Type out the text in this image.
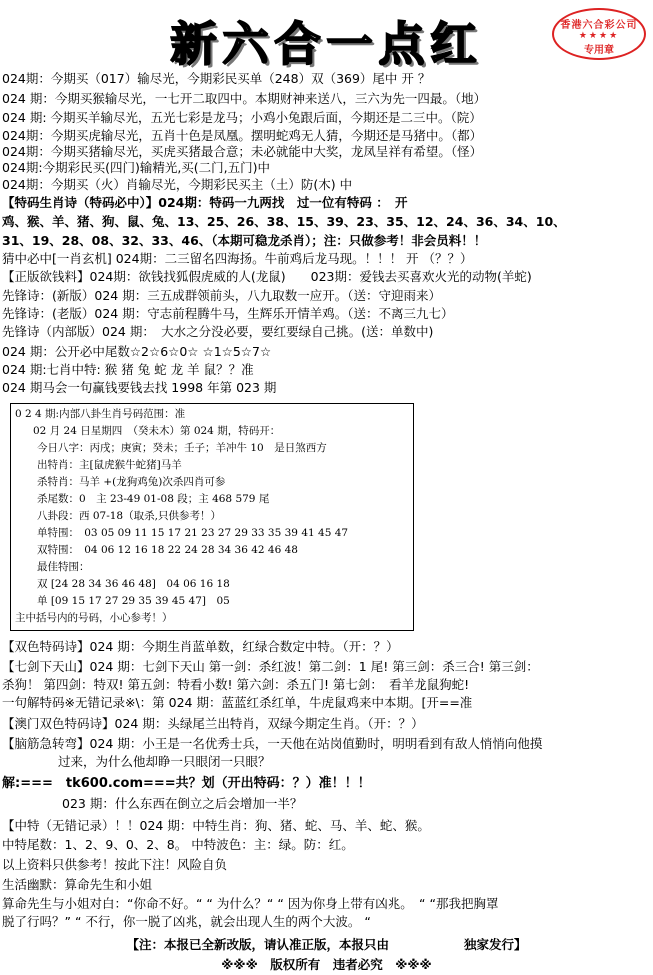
新六合一点红	香港六合彩公司
★★★★
专用章
024期：今期买（017）输尽光，今期彩民买单（248）双（369）尾中 开 ？
024 期：今期买猴输尽光，一七开二取四中。本期财神来送八，三六为先一四最。（地）
024 期: 今期买羊输尽光，五光七彩是龙马；小鸡小兔跟后面，今期还是二三中。（院）
024期：今期买虎输尽光，五肖十色是凤凰。摆明蛇鸡无人猜，今期还是马猪中。（都）
024期：今期买猪输尽光，买虎买猪最合意；未必就能中大奖，龙凤呈祥有希望。（怪）
024期:今期彩民买(四门)输精光,买(二门,五门)中
024期：今期买（火）肖输尽光，今期彩民买主（土）防(木) 中
【特码生肖诗（特码必中）】024期：特码一九两找　过一位有特码 ：　开
鸡、猴、羊、猪、狗、鼠、兔、13、25、26、38、15、39、23、35、12、24、36、34、10、
31、19、28、08、32、33、46、（本期可稳龙杀肖）；注：只做参考！非会员料！！
猜中必中[一肖玄机] 024期：二三留名四海扬。牛前鸡后龙马现。！！！ 开 （？？）
【正版欲钱料】024期：欲钱找狐假虎威的人(龙鼠)　　023期：爱钱去买喜欢火光的动物(羊蛇)
先锋诗：(新版）024 期：三五成群领前头，八九取数一应开。（送：守迎雨来）
先锋诗：(老版）024 期：守志前程腾牛马，生辉乐开情羊鸡。（送：不离三九七）
先锋诗（内部版）024 期：　大水之分没必要，要红要绿自己挑。(送：单数中)
024 期：公开必中尾数☆2☆6☆0☆ ☆1☆5☆7☆
024 期:七肖中特: 猴 猪 兔 蛇 龙 羊 鼠？？准
024 期马会一句赢钱要钱去找 1998 年第 023 期
0 2 4 期:内部八卦生肖号码范围：准
02 月 24 日星期四　（癸未木）第 024 期，特码开：
今日八字：丙戌；庚寅；癸未；壬子；羊冲牛 10　是日煞西方
出特肖：主[鼠虎猴牛蛇猪]马羊
杀特肖：马羊 +(龙狗鸡兔)次杀四肖可参
杀尾数：0　主 23-49 01-08 段；主 468 579 尾
八卦段：西 07-18（取杀,只供参考！）
单特围：　03 05 09 11 15 17 21 23 27 29 33 35 39 41 45 47
双特围：　04 06 12 16 18 22 24 28 34 36 42 46 48
最佳特围：
双 [24 28 34 36 46 48]　04 06 16 18
单 [09 15 17 27 29 35 39 45 47]　05
主中括号内的号码，小心参考！）
【双色特码诗】024 期：今期生肖蓝单数，红绿合数定中特。（开：？）
【七剑下天山】024 期：七剑下天山 第一剑：杀红波！第二剑：1 尾! 第三剑：杀三合! 第三剑：
杀狗！ 第四剑：特双! 第五剑：特看小数! 第六剑：杀五门! 第七剑：　看羊龙鼠狗蛇!
一句解特码※无错记录※\：第 024 期：蓝蓝红杀红单，牛虎鼠鸡来中本期。[开==准
【澳门双色特码诗】024 期：头绿尾兰出特肖，双绿今期定生肖。（开：？）
【脑筋急转弯】024 期：小王是一名优秀士兵，一天他在站岗值勤时，明明看到有敌人悄悄向他摸
过来，为什么他却睁一只眼闭一只眼？
解:===　tk600.com===共？划（开出特码：？）准！！！
023 期：什么东西在倒立之后会增加一半？
【中特（无错记录）！！024 期：中特生肖：狗、猪、蛇、马、羊、蛇、猴。
中特尾数：1、2、9、0、2、8。 中特波色：主：绿。防：红。
以上资料只供参考！按此下注！风险自负
生活幽默：算命先生和小姐
算命先生与小姐对白：“你命不好。“ “ 为什么？“ “ 因为你身上带有凶兆。　“ “那我把胸罩
脱了行吗？” “ 不行，你一脱了凶兆，就会出现人生的两个大波。 “
【注：本报已全新改版，请认准正版，本报只由　　　　　　独家发行】
※※※　版权所有　违者必究　※※※
